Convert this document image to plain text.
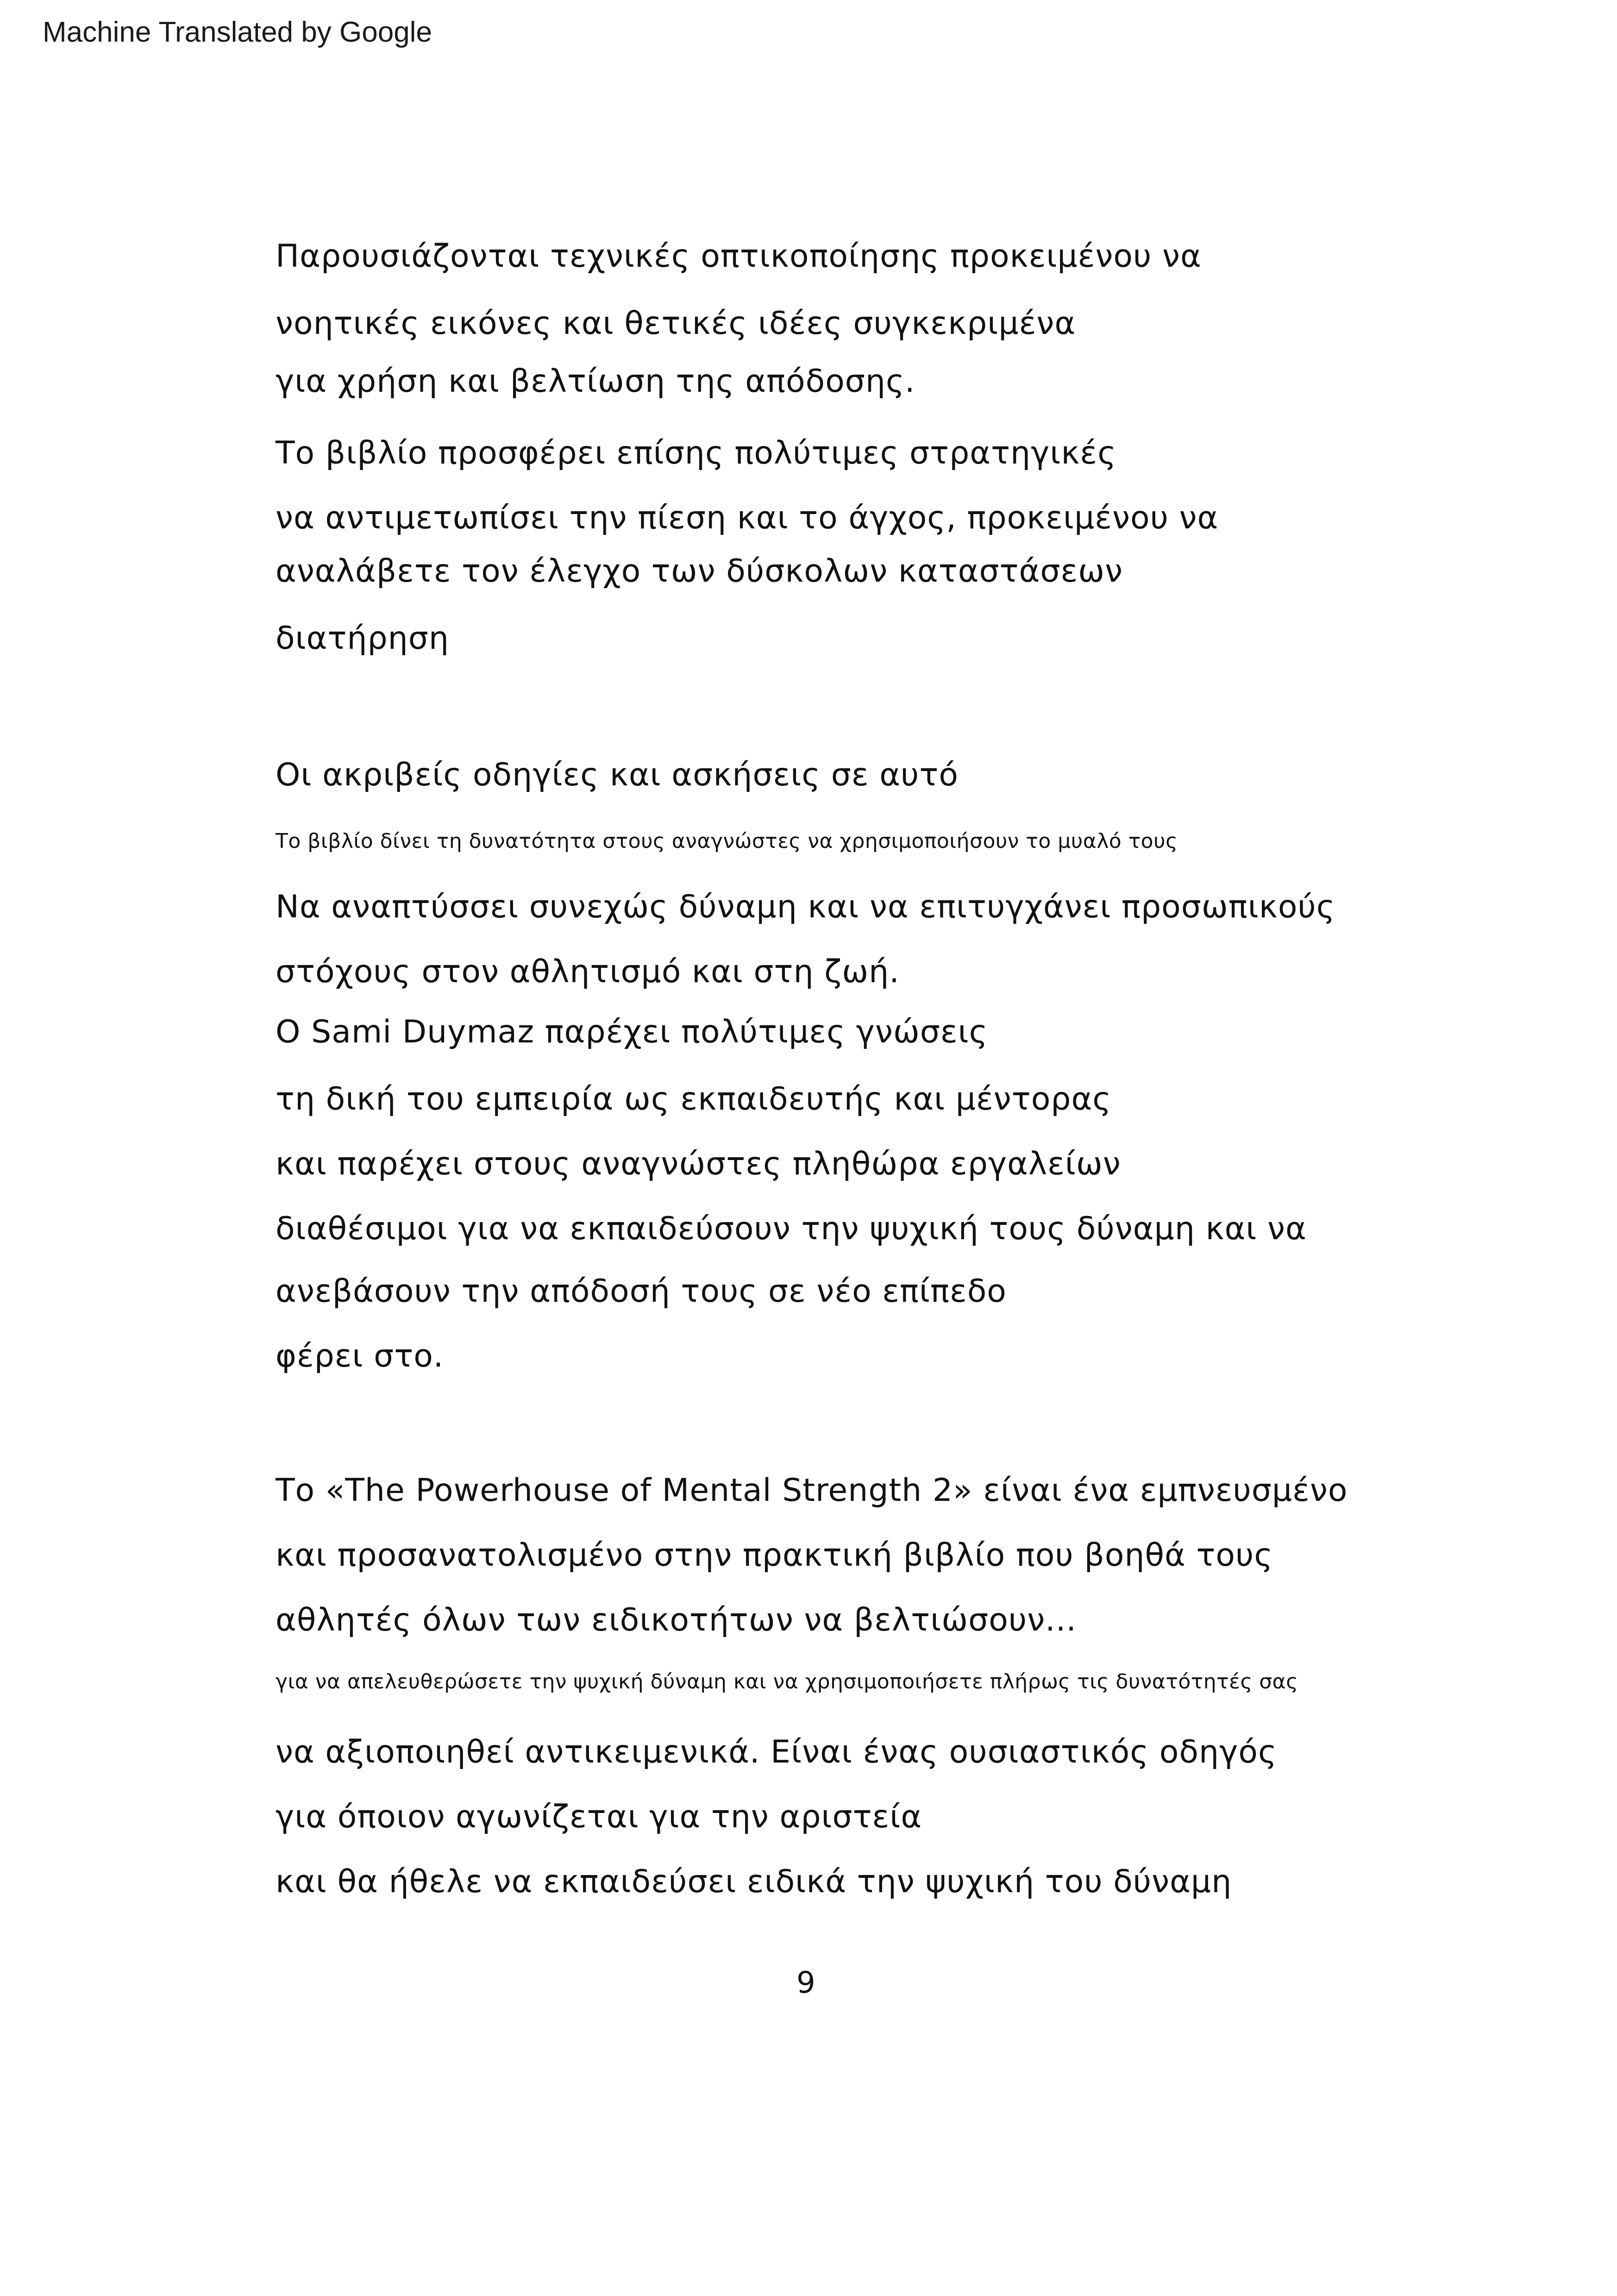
Machine Translated by Google
Παρουσιάζονται τεχνικές οπτικοποίησης προκειμένου να
νοητικές εικόνες και θετικές ιδέες συγκεκριμένα
για χρήση και βελτίωση της απόδοσης.
Το βιβλίο προσφέρει επίσης πολύτιμες στρατηγικές
να αντιμετωπίσει την πίεση και το άγχος, προκειμένου να
αναλάβετε τον έλεγχο των δύσκολων καταστάσεων
διατήρηση
Οι ακριβείς οδηγίες και ασκήσεις σε αυτό
Το βιβλίο δίνει τη δυνατότητα στους αναγνώστες να χρησιμοποιήσουν το μυαλό τους
Να αναπτύσσει συνεχώς δύναμη και να επιτυγχάνει προσωπικούς
στόχους στον αθλητισμό και στη ζωή.
Ο Sami Duymaz παρέχει πολύτιμες γνώσεις
τη δική του εμπειρία ως εκπαιδευτής και μέντορας
και παρέχει στους αναγνώστες πληθώρα εργαλείων
διαθέσιμοι για να εκπαιδεύσουν την ψυχική τους δύναμη και να
ανεβάσουν την απόδοσή τους σε νέο επίπεδο
φέρει στο.
Το «The Powerhouse of Mental Strength 2» είναι ένα εμπνευσμένο
και προσανατολισμένο στην πρακτική βιβλίο που βοηθά τους
αθλητές όλων των ειδικοτήτων να βελτιώσουν...
για να απελευθερώσετε την ψυχική δύναμη και να χρησιμοποιήσετε πλήρως τις δυνατότητές σας
να αξιοποιηθεί αντικειμενικά. Είναι ένας ουσιαστικός οδηγός
για όποιον αγωνίζεται για την αριστεία
και θα ήθελε να εκπαιδεύσει ειδικά την ψυχική του δύναμη
9
